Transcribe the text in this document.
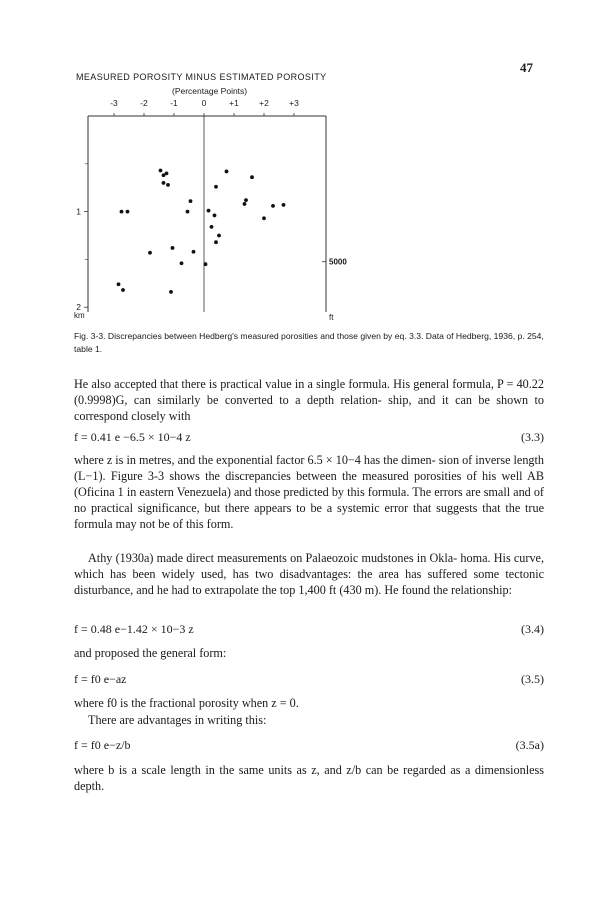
47
MEASURED POROSITY MINUS ESTIMATED POROSITY
(Percentage Points)
-3	-2	-1	0	+1 +2 +3
1
2
km
5000
ft
Fig. 3-3. Discrepancies between Hedberg's measured porosities and those given by eq. 3.3. Data of Hedberg, 1936, p. 254, table 1.

He also accepted that there is practical value in a single formula. His general formula, P = 40.22 (0.9998)G, can similarly be converted to a depth relation- ship, and it can be shown to correspond closely with

f = 0.41 e −6.5 × 10−4 z	(3.3)

where z is in metres, and the exponential factor 6.5 × 10−4 has the dimen- sion of inverse length (L−1). Figure 3-3 shows the discrepancies between the measured porosities of his well AB (Oficina 1 in eastern Venezuela) and those predicted by this formula. The errors are small and of no practical significance, but there appears to be a systemic error that suggests that the true formula may not be of this form.

Athy (1930a) made direct measurements on Palaeozoic mudstones in Okla- homa. His curve, which has been widely used, has two disadvantages: the area has suffered some tectonic disturbance, and he had to extrapolate the top 1,400 ft (430 m). He found the relationship:

f = 0.48 e−1.42 × 10−3 z	(3.4)

and proposed the general form:

f = f0 e−az	(3.5)

where f0 is the fractional porosity when z = 0.

There are advantages in writing this:

f = f0 e−z/b	(3.5a)

where b is a scale length in the same units as z, and z/b can be regarded as a dimensionless depth.
